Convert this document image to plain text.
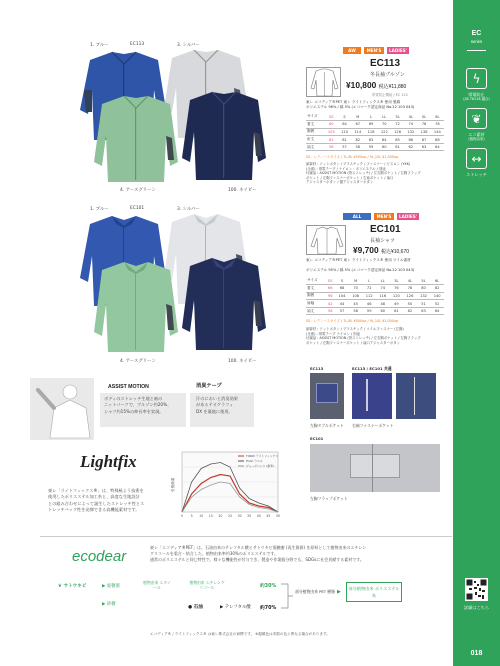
EC
series
ϟ
帯電防止
(JIS T8118 適合)
❦
エコ素材
(植物由来)
↔
ストレッチ
詳細はこちら
018
1. ブルー	EC113	3. シルバー
4. アースグリーン	100. ネイビー
AW	MEN'S	LADIES'
EC113
冬長袖ブルゾン
¥10,800 税込¥11,880
帯電防止機能 / EC 113
東レ エコディア®PET 東レ ライトフィックス® 使用 裏綿
ポリエステル 96% / 綿 5% (エコマーク認定商品 No.22 103 043)
サイズ	SS	S	M	L	LL	3L	4L	5L	6L
着丈	60	64	67	69	70	72	74	76	78
胸囲	105	110	114	118	122	126	132	138	144
裄丈	81	81	82	83	84	85	86	87	88
袖丈	56	57	58	59	60	61	62	63	64
SS : レディースサイズ / 7L,8L ¥500up / 9L,10L ¥1,000up
副資材 : ドットボタン / プラスチック / ファスナー / ビスロン (YKK)
(全面) : 帯電テープ / ナイロン・ポリエステル / 別途
付属品 : ASSIST MOTION (背ストレッチ) / 左右胸ポケット / 左胸フラップ
ポケット / 左胸ファスナーポケット / 右袖ポケット / 袖口
アジャスターボタン / 裾アジャスターボタン
1. ブルー	EC101	3. シルバー
4. アースグリーン	100. ネイビー
ALL SEASON
MEN'S	LADIES'
EC101
長袖シャツ
¥9,700 税込¥10,670
東レ エコディア®PET 東レ ライトフィックス® 使用 ツイル素材
ポリエステル 95% / 綿 5% (エコマーク認定商品 No.22 103 043)
サイズ	SS	S	M	L	LL	3L	4L	5L	6L
着丈	66	68	70	72	74	76	78	80	82
胸囲	96	104	108	112	116	120	126	132	140
肩幅	42	44	45	46	48	49	50	51	52
袖丈	56	57	58	59	60	61	62	63	64
SS : レディースサイズ / 7L,8L ¥500up / 9L,10L ¥1,000up
副資材 : ドットボタン / プラスチック / コイルファスナー (左胸)
(全面) : 帯電テープ ナイロン / 別途
付属品 : ASSIST MOTION (背ストレッチ) / 左右胸ポケット / 左胸フラップ
ポケット / 左胸ファスナーポケット / 袖口アジャスターボタン
EC113	EC113 / EC101 共通
左胸タブルポケット 右袖ファスナーポケット
EC101
左胸フラップポケット
ASSIST MOTION
ボディのストレッチ生地と袖の
ニットパーツで、ブルゾン約20%、
シャツ約15%の伸長率を実現。
消臭テープ
汗のにおいと消臭効果
があるテオグラフィ
DX を裏地に使用。
Lightfix
東レ「ライトフィックス®」は、特殊極よう技術を
使用したポリエステル加工糸と、高度な生地設計
との組み合わせによって誕生したストレッチ性とス
トレッチバック性を発揮できる高機能素材です。
0 5 10 15 20 25 30 35 40 45 50
TORAY ライトフィックス
TCAC ウエル
ジャージパンツ (参考)
引張荷重
ecodear
東レ「エコディア®PET」は、石油由来のテレフタル酸とサトウキビ廃糖蜜 (再生資源) を原料として植物由来のエチレン
グリコールを重合・結合した、植物由来率約30%のポリエステルです。
通常のポリエステルと同じ特性で、様々な機能性が付与でき、製造や作業服分野でも、SDGsに社会貢献する素材です。
❦ サトウキビ	▶ 廃糖蜜
▶ 砂糖
植物由来 エタノール
植物由来 エチレングリコール
● 石油	▶ テレフタル酸
約30%
約70%
部分植物由来 PET 樹脂 ▶
部分植物由来 ポリエステル糸
エコディア® / ライトフィックス® は東レ株式会社の商標です。 ※掲載色は実際の色と異なる場合があります。
